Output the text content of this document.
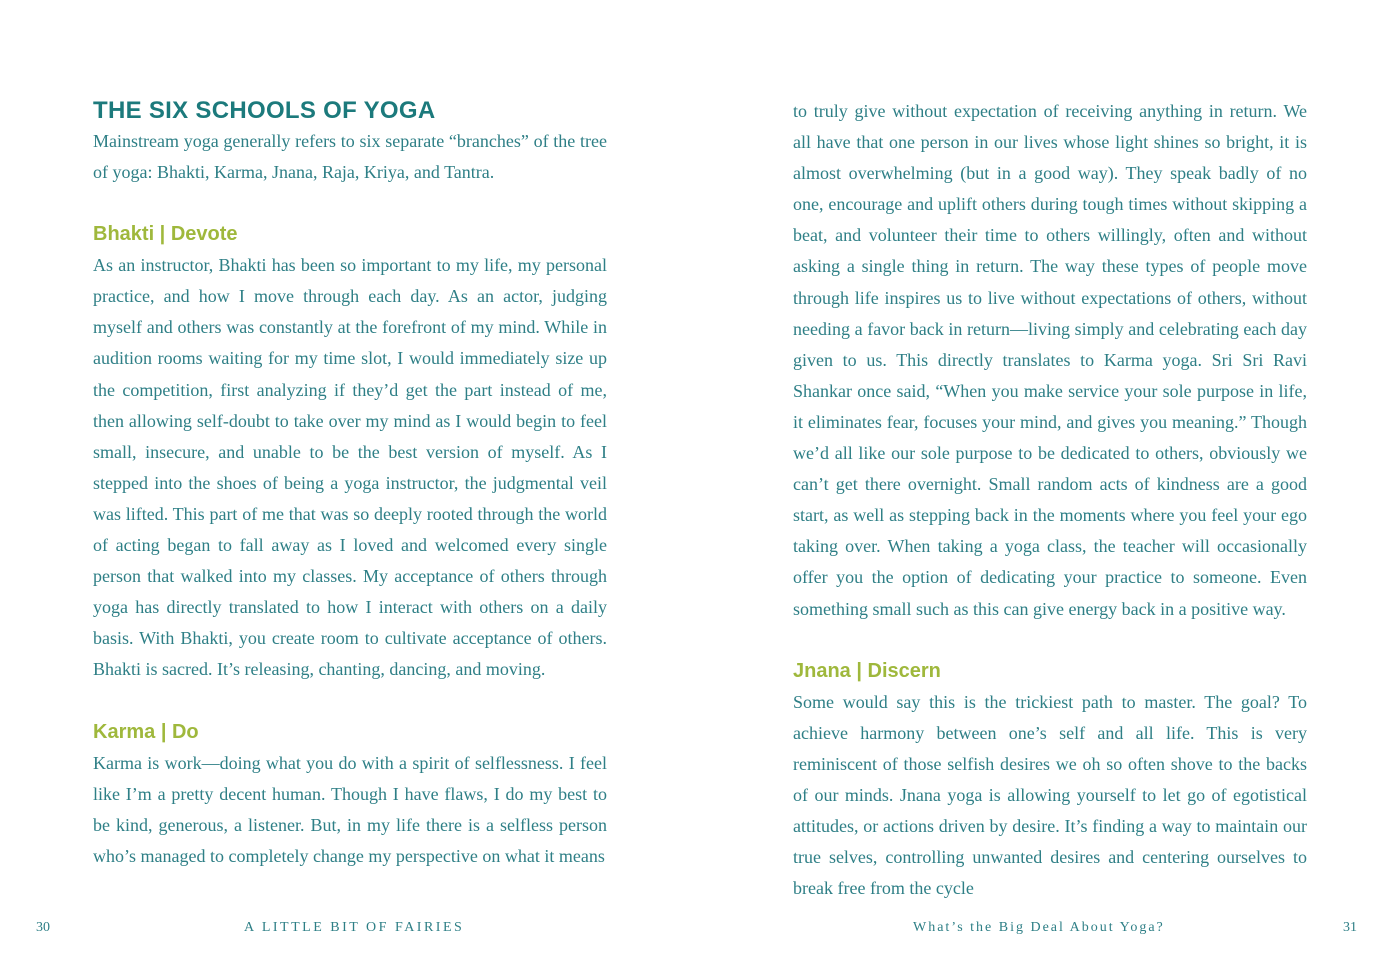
THE SIX SCHOOLS OF YOGA

Mainstream yoga generally refers to six separate “branches” of the tree of yoga: Bhakti, Karma, Jnana, Raja, Kriya, and Tantra.

Bhakti | Devote

As an instructor, Bhakti has been so important to my life, my personal practice, and how I move through each day. As an actor, judging myself and others was constantly at the forefront of my mind. While in audition rooms waiting for my time slot, I would immediately size up the competition, first analyzing if they’d get the part instead of me, then allowing self-doubt to take over my mind as I would begin to feel small, insecure, and unable to be the best version of myself. As I stepped into the shoes of being a yoga instructor, the judgmental veil was lifted. This part of me that was so deeply rooted through the world of acting began to fall away as I loved and welcomed every single person that walked into my classes. My acceptance of others through yoga has directly translated to how I interact with others on a daily basis. With Bhakti, you create room to cultivate acceptance of others. Bhakti is sacred. It’s releasing, chanting, dancing, and moving.

Karma | Do

Karma is work—doing what you do with a spirit of selflessness. I feel like I’m a pretty decent human. Though I have flaws, I do my best to be kind, generous, a listener. But, in my life there is a selfless person who’s managed to completely change my perspective on what it means

30	A LITTLE BIT OF FAIRIES

to truly give without expectation of receiving anything in return. We all have that one person in our lives whose light shines so bright, it is almost overwhelming (but in a good way). They speak badly of no one, encourage and uplift others during tough times without skipping a beat, and volunteer their time to others willingly, often and without asking a single thing in return. The way these types of people move through life inspires us to live without expectations of others, without needing a favor back in return—living simply and celebrating each day given to us. This directly translates to Karma yoga. Sri Sri Ravi Shankar once said, “When you make service your sole purpose in life, it eliminates fear, focuses your mind, and gives you meaning.” Though we’d all like our sole purpose to be dedicated to others, obviously we can’t get there overnight. Small random acts of kindness are a good start, as well as stepping back in the moments where you feel your ego taking over. When taking a yoga class, the teacher will occasionally offer you the option of dedicating your practice to someone. Even something small such as this can give energy back in a positive way.

Jnana | Discern

Some would say this is the trickiest path to master. The goal? To achieve harmony between one’s self and all life. This is very reminiscent of those selfish desires we oh so often shove to the backs of our minds. Jnana yoga is allowing yourself to let go of egotistical attitudes, or actions driven by desire. It’s finding a way to maintain our true selves, controlling unwanted desires and centering ourselves to break free from the cycle

What’s the Big Deal About Yoga?	31
